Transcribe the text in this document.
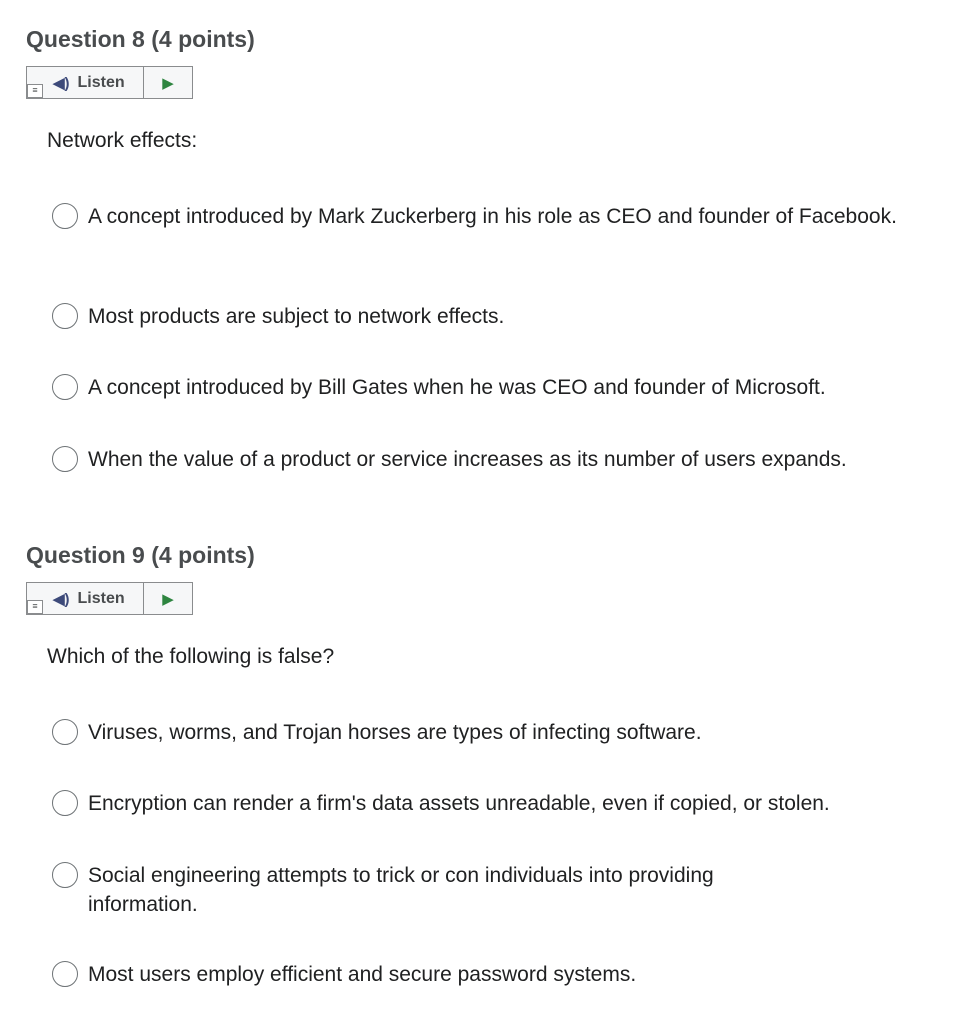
Question 8 (4 points)
≡	◀) Listen	▶
Network effects:
A concept introduced by Mark Zuckerberg in his role as CEO and founder of Facebook.
Most products are subject to network effects.
A concept introduced by Bill Gates when he was CEO and founder of Microsoft.
When the value of a product or service increases as its number of users expands.
Question 9 (4 points)
≡	◀) Listen	▶
Which of the following is false?
Viruses, worms, and Trojan horses are types of infecting software.
Encryption can render a firm's data assets unreadable, even if copied, or stolen.
Social engineering attempts to trick or con individuals into providing information.
Most users employ efficient and secure password systems.
